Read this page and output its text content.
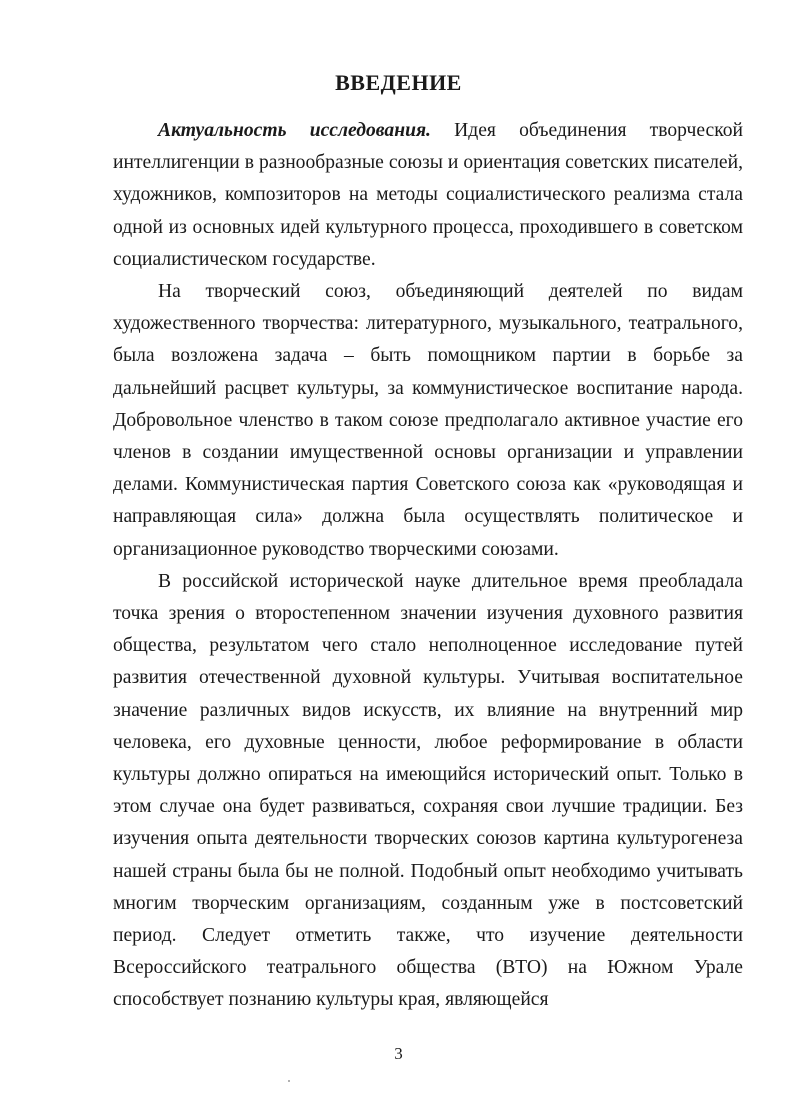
ВВЕДЕНИЕ

Актуальность исследования. Идея объединения творческой интеллигенции в разнообразные союзы и ориентация советских писателей, художников, композиторов на методы социалистического реализма стала одной из основных идей культурного процесса, проходившего в советском социалистическом государстве.

На творческий союз, объединяющий деятелей по видам художественного творчества: литературного, музыкального, театрального, была возложена задача – быть помощником партии в борьбе за дальнейший расцвет культуры, за коммунистическое воспитание народа. Добровольное членство в таком союзе предполагало активное участие его членов в создании имущественной основы организации и управлении делами. Коммунистическая партия Советского союза как «руководящая и направляющая сила» должна была осуществлять политическое и организационное руководство творческими союзами.

В российской исторической науке длительное время преобладала точка зрения о второстепенном значении изучения духовного развития общества, результатом чего стало неполноценное исследование путей развития отечественной духовной культуры. Учитывая воспитательное значение различных видов искусств, их влияние на внутренний мир человека, его духовные ценности, любое реформирование в области культуры должно опираться на имеющийся исторический опыт. Только в этом случае она будет развиваться, сохраняя свои лучшие традиции. Без изучения опыта деятельности творческих союзов картина культурогенеза нашей страны была бы не полной. Подобный опыт необходимо учитывать многим творческим организациям, созданным уже в постсоветский период. Следует отметить также, что изучение деятельности Всероссийского театрального общества (ВТО) на Южном Урале способствует познанию культуры края, являющейся

3
